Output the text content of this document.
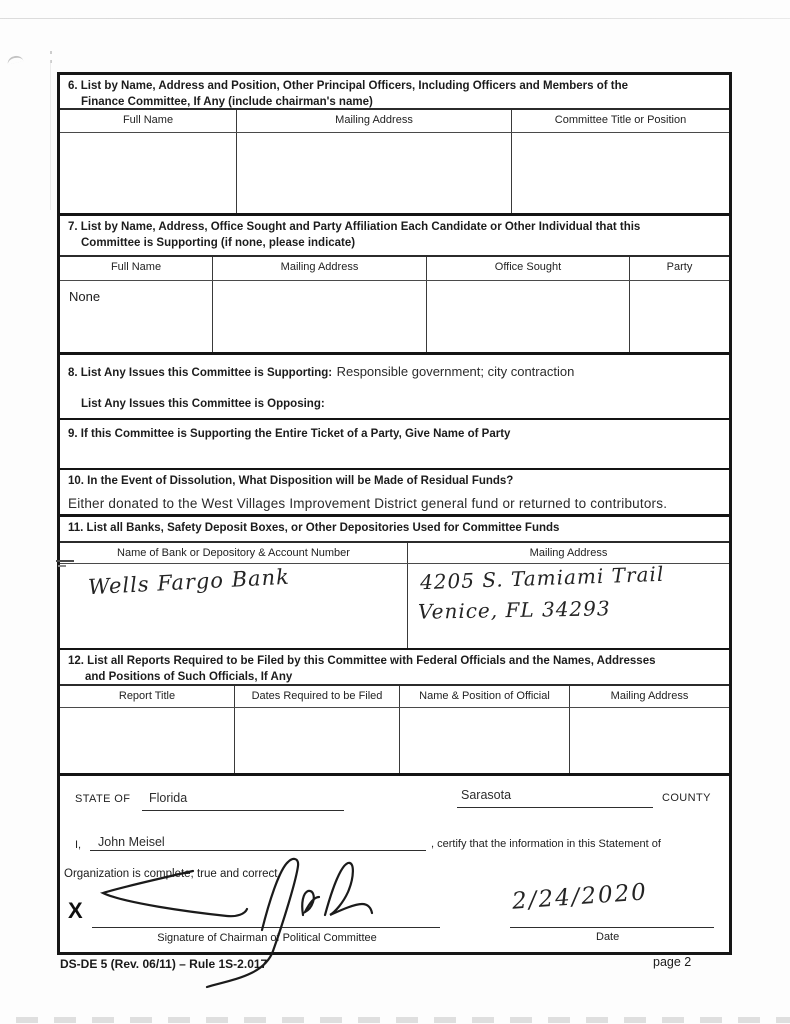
6. List by Name, Address and Position, Other Principal Officers, Including Officers and Members of the
Finance Committee, If Any (include chairman's name)
Full Name	Mailing Address	Committee Title or Position
7. List by Name, Address, Office Sought and Party Affiliation Each Candidate or Other Individual that this
Committee is Supporting (if none, please indicate)
Full Name	Mailing Address	Office Sought	Party
None
8. List Any Issues this Committee is Supporting: Responsible government; city contraction
List Any Issues this Committee is Opposing:
9. If this Committee is Supporting the Entire Ticket of a Party, Give Name of Party
10. In the Event of Dissolution, What Disposition will be Made of Residual Funds?
Either donated to the West Villages Improvement District general fund or returned to contributors.
11. List all Banks, Safety Deposit Boxes, or Other Depositories Used for Committee Funds
Name of Bank or Depository & Account Number	Mailing Address
Wells Fargo Bank	4205 S. Tamiami Trail
Venice, FL 34293
12. List all Reports Required to be Filed by this Committee with Federal Officials and the Names, Addresses
and Positions of Such Officials, If Any
Report Title	Dates Required to be Filed	Name & Position of Official	Mailing Address
STATE OF Florida	Sarasota	COUNTY
I, John Meisel	, certify that the information in this Statement of
Organization is complete, true and correct.
X
Signature of Chairman of Political Committee	Date
2/24/2020
DS-DE 5 (Rev. 06/11) – Rule 1S-2.017	page 2
